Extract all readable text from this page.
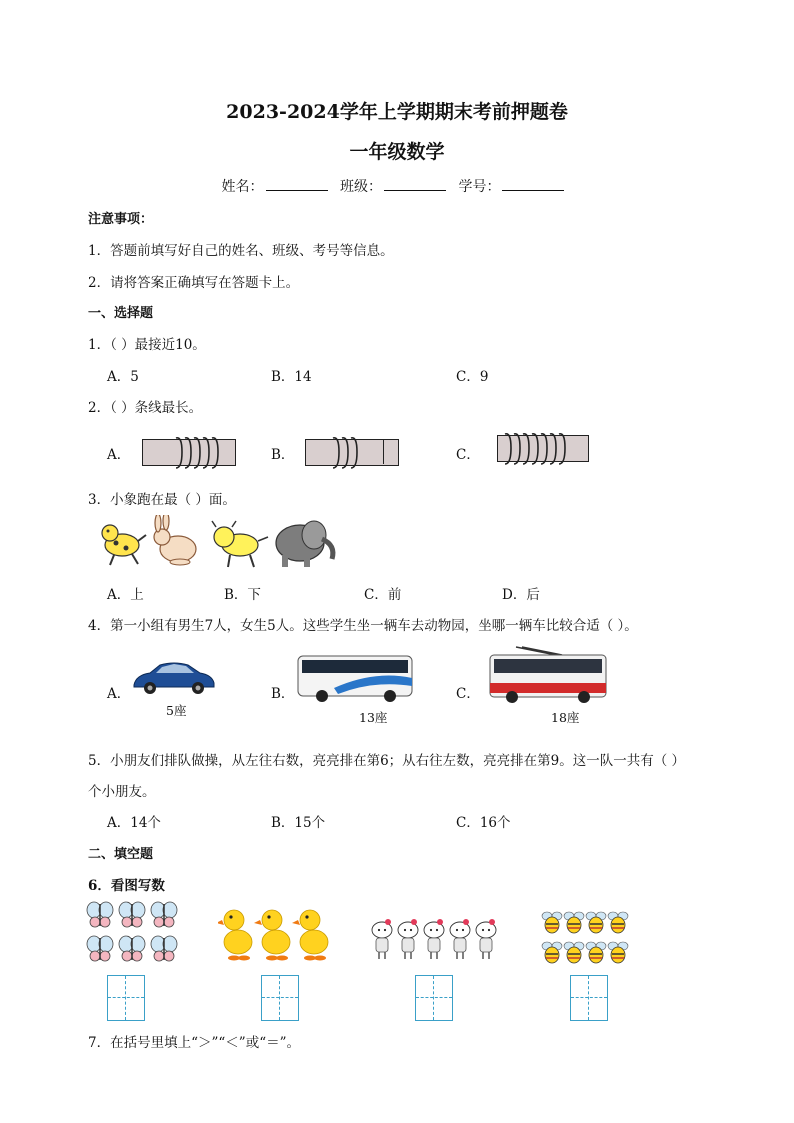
2023-2024学年上学期期末考前押题卷
一年级数学
姓名：	班级：	学号：
注意事项：
1．答题前填写好自己的姓名、班级、考号等信息。
2．请将答案正确填写在答题卡上。
一、选择题
1．（ ）最接近10。
A．5	B．14	C．9
2．（ ）条线最长。
A．	B．	C．
3．小象跑在最（ ）面。
A．上	B．下	C．前	D．后
4．第一小组有男生7人，女生5人。这些学生坐一辆车去动物园，坐哪一辆车比较合适（ ）。
A．	B．	C．
5座	13座	18座
5．小朋友们排队做操，从左往右数，亮亮排在第6；从右往左数，亮亮排在第9。这一队一共有（ ）
个小朋友。
A．14个	B．15个	C．16个
二、填空题
6．看图写数
7．在括号里填上“＞”“＜”或“＝”。
